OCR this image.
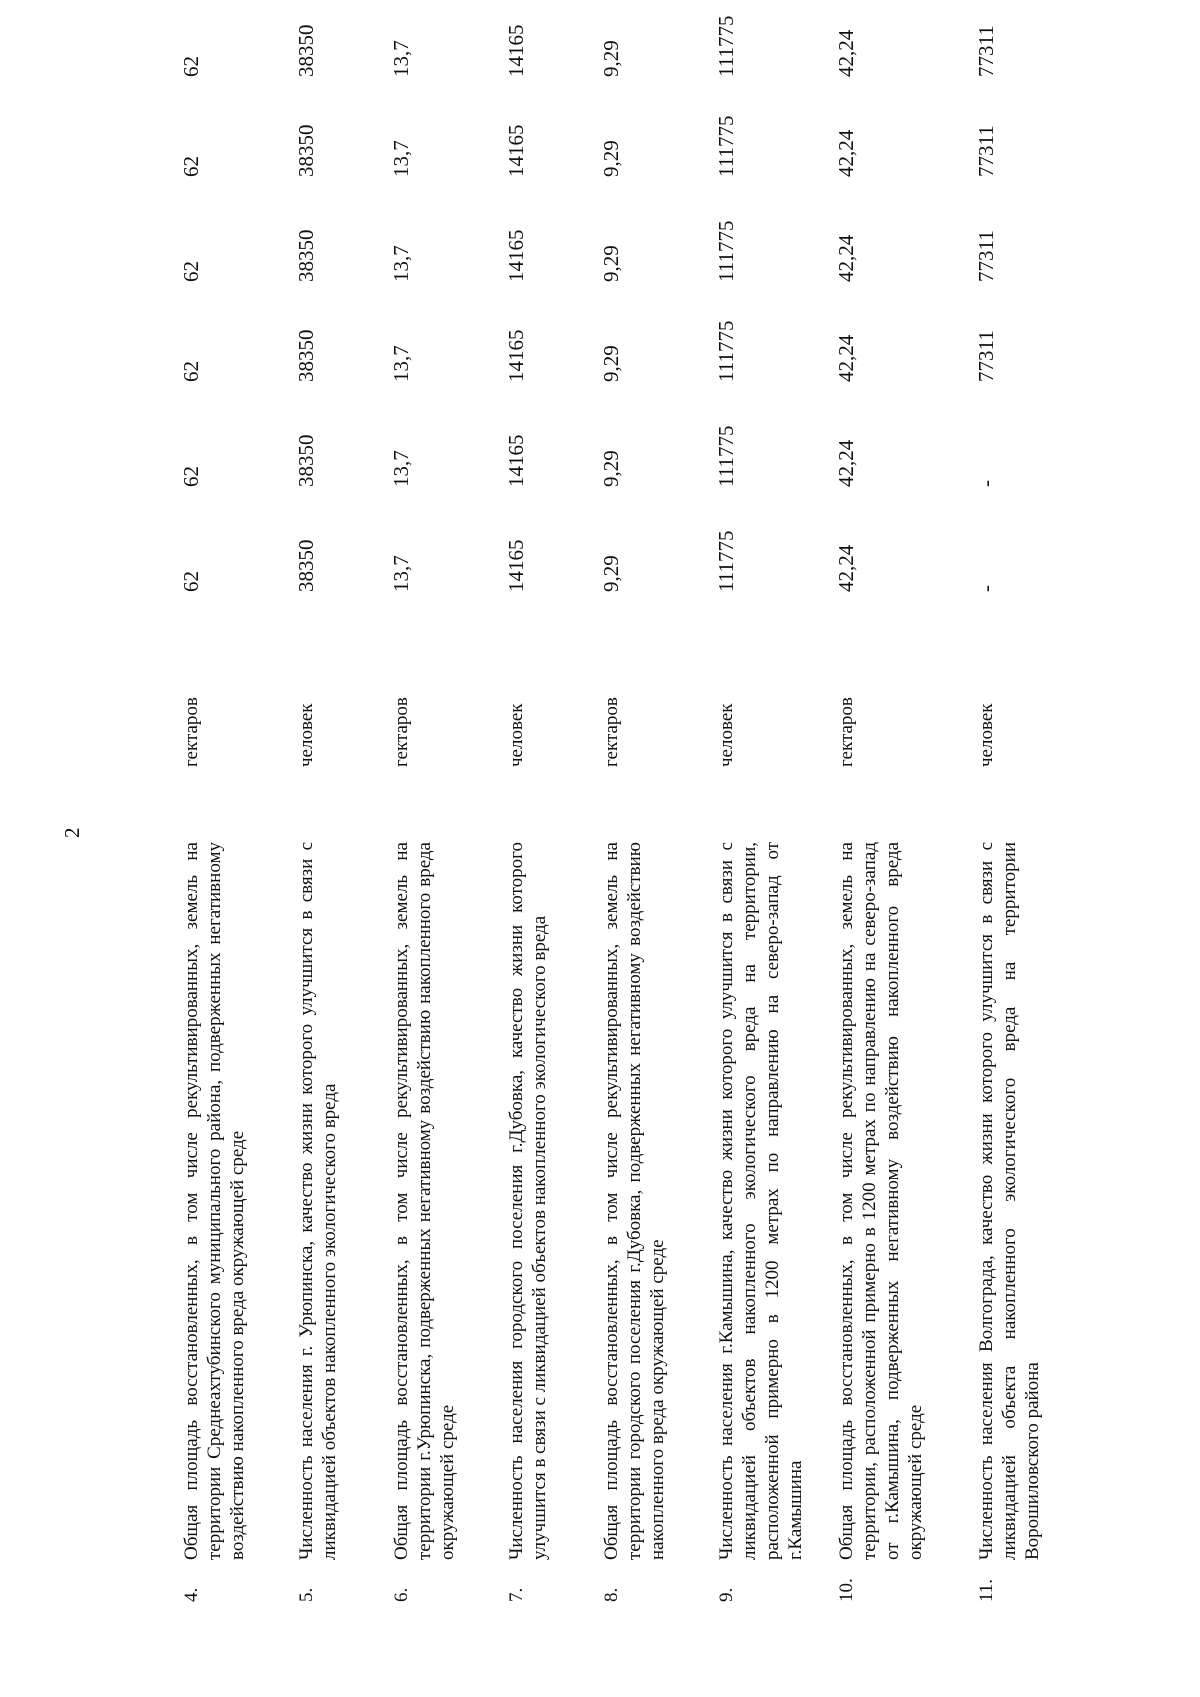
2
4.
Общая площадь восстановленных, в том числе рекультивированных, земель на территории Среднеахтубинского муниципального района, подверженных негативному воздействию накопленного вреда окружающей среде
гектаров
62
62
62
62
62
62
5.
Численность населения г. Урюпинска, качество жизни которого улучшится в связи с ликвидацией объектов накопленного экологического вреда
человек
38350
38350
38350
38350
38350
38350
6.
Общая площадь восстановленных, в том числе рекультивированных, земель на территории г.Урюпинска, подверженных негативному воздействию накопленного вреда окружающей среде
гектаров
13,7
13,7
13,7
13,7
13,7
13,7
7.
Численность населения городского поселения г.Дубовка, качество жизни которого улучшится в связи с ликвидацией объектов накопленного экологического вреда
человек
14165
14165
14165
14165
14165
14165
8.
Общая площадь восстановленных, в том числе рекультивированных, земель на территории городского поселения г.Дубовка, подверженных негативному воздействию накопленного вреда окружающей среде
гектаров
9,29
9,29
9,29
9,29
9,29
9,29
9.
Численность населения г.Камышина, качество жизни которого улучшится в связи с ликвидацией объектов накопленного экологического вреда на территории, расположенной примерно в 1200 метрах по направлению на северо-запад от г.Камышина
человек
111775
111775
111775
111775
111775
111775
10.
Общая площадь восстановленных, в том числе рекультивированных, земель на территории, расположенной примерно в 1200 метрах по направлению на северо-запад от г.Камышина, подверженных негативному воздействию накопленного вреда окружающей среде
гектаров
42,24
42,24
42,24
42,24
42,24
42,24
11.
Численность населения Волгограда, качество жизни которого улучшится в связи с ликвидацией объекта накопленного экологического вреда на территории Ворошиловского района
человек
-
-
77311
77311
77311
77311
